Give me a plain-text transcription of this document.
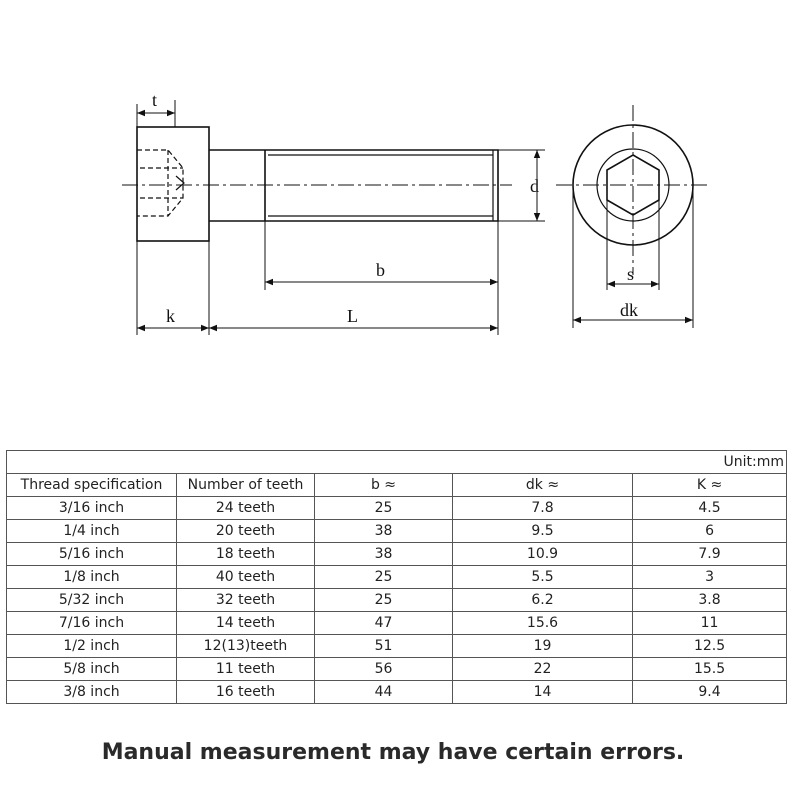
t
d
b
k	L
s
dk
Unit:mm				
Thread specification	Number of teeth	b ≈	dk ≈	K ≈
3/16 inch	24 teeth	25	7.8	4.5
1/4 inch	20 teeth	38	9.5	6
5/16 inch	18 teeth	38	10.9	7.9
1/8 inch	40 teeth	25	5.5	3
5/32 inch	32 teeth	25	6.2	3.8
7/16 inch	14 teeth	47	15.6	11
1/2 inch	12(13)teeth	51	19	12.5
5/8 inch	11 teeth	56	22	15.5
3/8 inch	16 teeth	44	14	9.4
Manual measurement may have certain errors.
